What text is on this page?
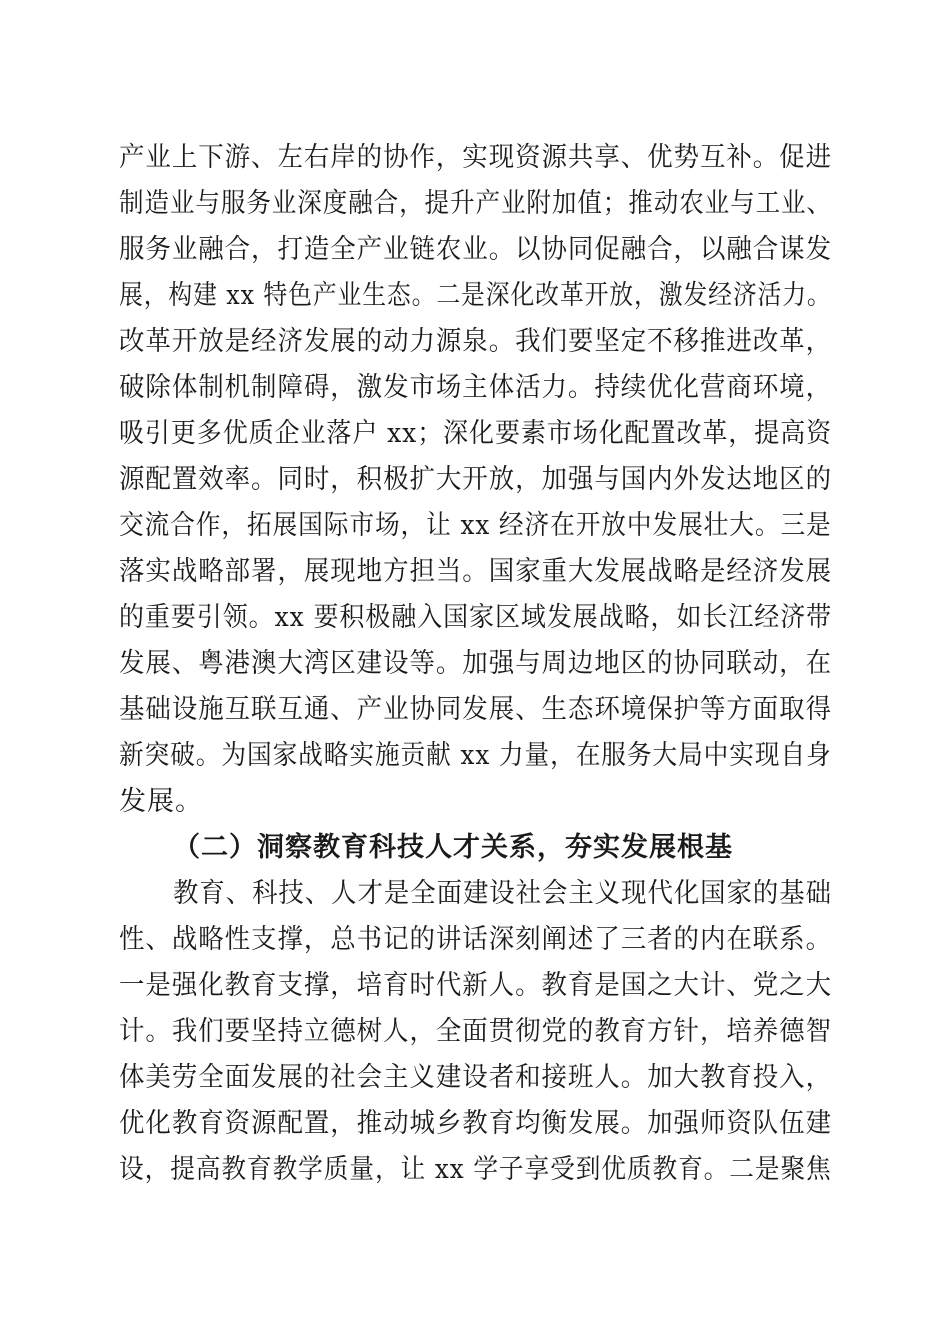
产业上下游、左右岸的协作，实现资源共享、优势互补。促进
制造业与服务业深度融合，提升产业附加值；推动农业与工业、
服务业融合，打造全产业链农业。以协同促融合，以融合谋发
展，构建 xx 特色产业生态。二是深化改革开放，激发经济活力。
改革开放是经济发展的动力源泉。我们要坚定不移推进改革，
破除体制机制障碍，激发市场主体活力。持续优化营商环境，
吸引更多优质企业落户 xx；深化要素市场化配置改革，提高资
源配置效率。同时，积极扩大开放，加强与国内外发达地区的
交流合作，拓展国际市场，让 xx 经济在开放中发展壮大。三是
落实战略部署，展现地方担当。国家重大发展战略是经济发展
的重要引领。xx 要积极融入国家区域发展战略，如长江经济带
发展、粤港澳大湾区建设等。加强与周边地区的协同联动，在
基础设施互联互通、产业协同发展、生态环境保护等方面取得
新突破。为国家战略实施贡献 xx 力量，在服务大局中实现自身
发展。
（二）洞察教育科技人才关系，夯实发展根基
教育、科技、人才是全面建设社会主义现代化国家的基础
性、战略性支撑，总书记的讲话深刻阐述了三者的内在联系。
一是强化教育支撑，培育时代新人。教育是国之大计、党之大
计。我们要坚持立德树人，全面贯彻党的教育方针，培养德智
体美劳全面发展的社会主义建设者和接班人。加大教育投入，
优化教育资源配置，推动城乡教育均衡发展。加强师资队伍建
设，提高教育教学质量，让 xx 学子享受到优质教育。二是聚焦
